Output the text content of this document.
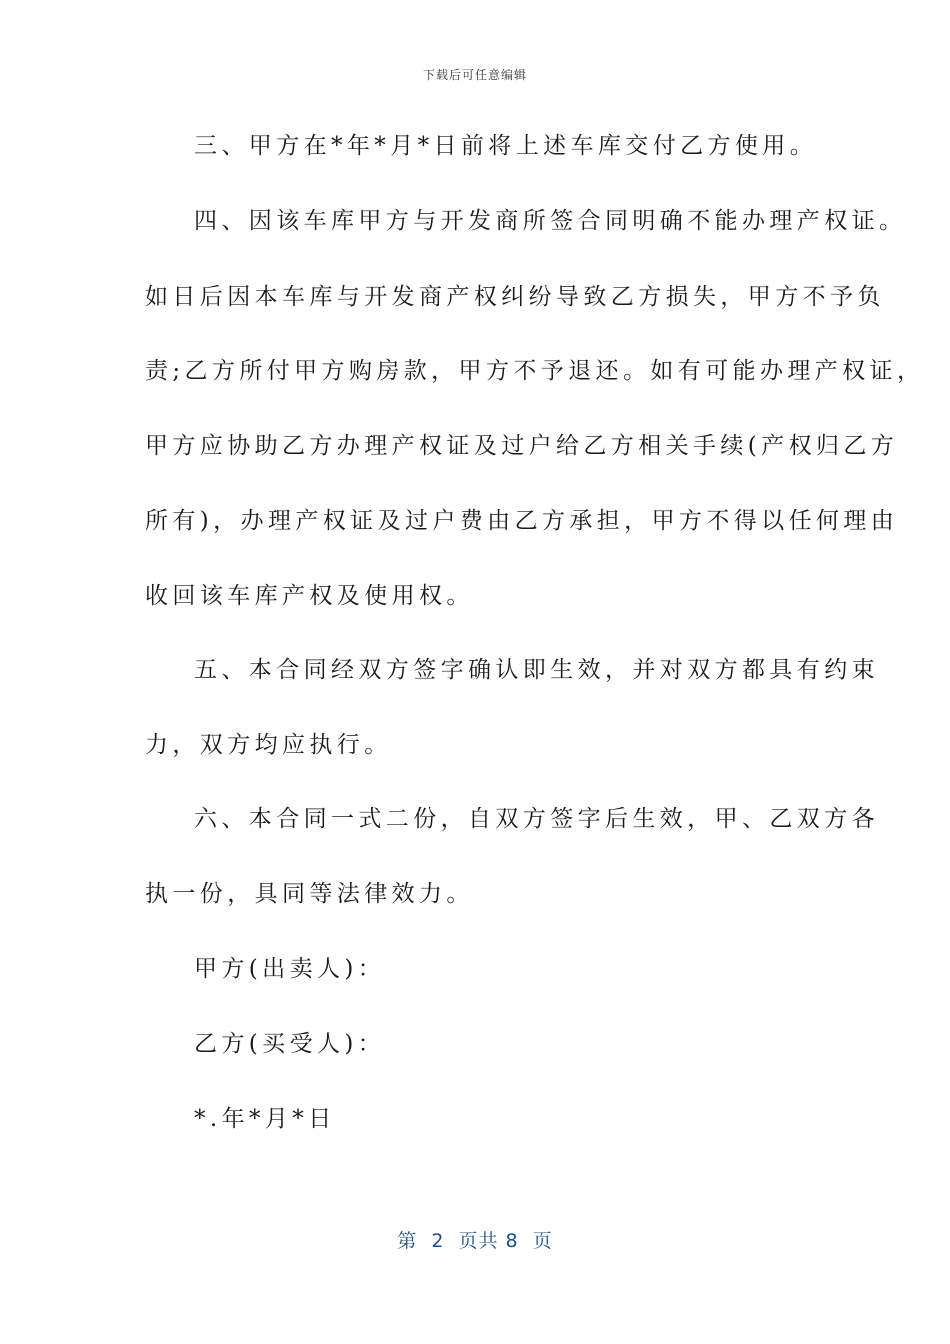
下载后可任意编辑
三、甲方在*年*月*日前将上述车库交付乙方使用。
四、因该车库甲方与开发商所签合同明确不能办理产权证。
如日后因本车库与开发商产权纠纷导致乙方损失，甲方不予负
责;乙方所付甲方购房款，甲方不予退还。如有可能办理产权证，
甲方应协助乙方办理产权证及过户给乙方相关手续(产权归乙方
所有)，办理产权证及过户费由乙方承担，甲方不得以任何理由
收回该车库产权及使用权。
五、本合同经双方签字确认即生效，并对双方都具有约束
力，双方均应执行。
六、本合同一式二份，自双方签字后生效，甲、乙双方各
执一份，具同等法律效力。
甲方(出卖人)：
乙方(买受人)：
*.年*月*日
第  2  页共 8  页
